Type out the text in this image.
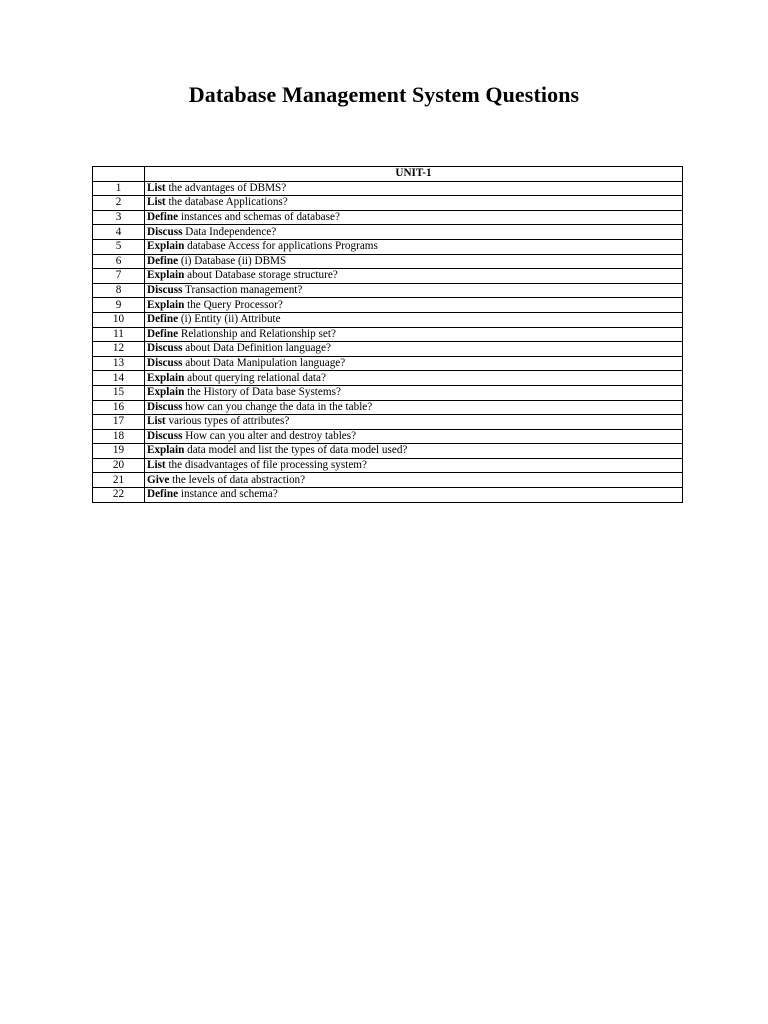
Database Management System Questions
	UNIT-1
1	List the advantages of DBMS?
2	List the database Applications?
3	Define instances and schemas of database?
4	Discuss Data Independence?
5	Explain database Access for applications Programs
6	Define (i) Database (ii) DBMS
7	Explain about Database storage structure?
8	Discuss Transaction management?
9	Explain the Query Processor?
10	Define (i) Entity (ii) Attribute
11	Define Relationship and Relationship set?
12	Discuss about Data Definition language?
13	Discuss about Data Manipulation language?
14	Explain about querying relational data?
15	Explain the History of Data base Systems?
16	Discuss how can you change the data in the table?
17	List various types of attributes?
18	Discuss How can you alter and destroy tables?
19	Explain data model and list the types of data model used?
20	List the disadvantages of file processing system?
21	Give the levels of data abstraction?
22	Define instance and schema?
